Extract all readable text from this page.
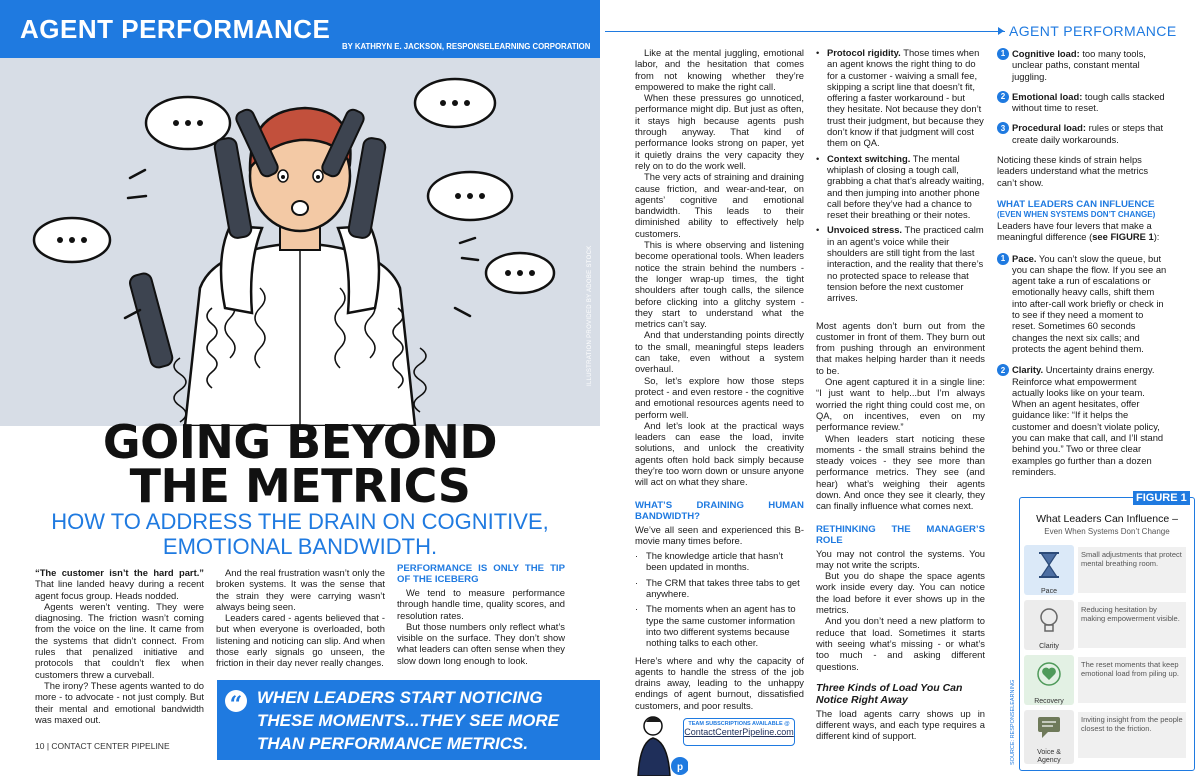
AGENT PERFORMANCE
BY KATHRYN E. JACKSON, RESPONSELEARNING CORPORATION
ILLUSTRATION PROVIDED BY ADOBE STOCK
GOING BEYOND
THE METRICS
HOW TO ADDRESS THE DRAIN ON COGNITIVE,
EMOTIONAL BANDWIDTH.

“The customer isn’t the hard part.” That line landed heavy during a recent agent focus group. Heads nodded.

Agents weren’t venting. They were diagnosing. The friction wasn’t coming from the voice on the line. It came from the systems that didn’t connect. From rules that penalized initiative and protocols that couldn’t flex when customers threw a curveball.

The irony? These agents wanted to do more - to advocate - not just comply. But their mental and emotional bandwidth was maxed out.

And the real frustration wasn’t only the broken systems. It was the sense that the strain they were carrying wasn’t always being seen.

Leaders cared - agents believed that - but when everyone is overloaded, both listening and noticing can slip. And when those early signals go unseen, the friction in their day never really changes.

PERFORMANCE IS ONLY THE TIP OF THE ICEBERG

We tend to measure performance through handle time, quality scores, and resolution rates.

But those numbers only reflect what’s visible on the surface. They don’t show what leaders can often sense when they slow down long enough to look.

“ WHEN LEADERS START NOTICING THESE MOMENTS...THEY SEE MORE THAN PERFORMANCE METRICS.
10 | CONTACT CENTER PIPELINE
AGENT PERFORMANCE

Like at the mental juggling, emotional labor, and the hesitation that comes from not knowing whether they’re empowered to make the right call.

When these pressures go unnoticed, performance might dip. But just as often, it stays high because agents push through anyway. That kind of performance looks strong on paper, yet it quietly drains the very capacity they rely on to do the work well.

The very acts of straining and draining cause friction, and wear-and-tear, on agents’ cognitive and emotional bandwidth. This leads to their diminished ability to effectively help customers.

This is where observing and listening become operational tools. When leaders notice the strain behind the numbers - the longer wrap-up times, the tight shoulders after tough calls, the silence before clicking into a glitchy system - they start to understand what the metrics can’t say.

And that understanding points directly to the small, meaningful steps leaders can take, even without a system overhaul.

So, let’s explore how those steps protect - and even restore - the cognitive and emotional resources agents need to perform well.

And let’s look at the practical ways leaders can ease the load, invite solutions, and unlock the creativity agents often hold back simply because they’re too worn down or unsure anyone will act on what they share.

WHAT’S DRAINING HUMAN BANDWIDTH?

We’ve all seen and experienced this B-movie many times before.

· The knowledge article that hasn’t been updated in months.
· The CRM that takes three tabs to get anywhere.
· The moments when an agent has to type the same customer information into two different systems because nothing talks to each other.

Here’s where and why the capacity of agents to handle the stress of the job drains away, leading to the unhappy endings of agent burnout, dissatisfied customers, and poor results.

p
TEAM SUBSCRIPTIONS AVAILABLE @
ContactCenterPipeline.com
• Protocol rigidity. Those times when an agent knows the right thing to do for a customer - waiving a small fee, skipping a script line that doesn’t fit, offering a faster workaround - but they hesitate. Not because they don’t trust their judgment, but because they don’t know if that judgment will cost them on QA.
• Context switching. The mental whiplash of closing a tough call, grabbing a chat that’s already waiting, and then jumping into another phone call before they’ve had a chance to reset their breathing or their notes.
• Unvoiced stress. The practiced calm in an agent’s voice while their shoulders are still tight from the last interaction, and the reality that there’s no protected space to release that tension before the next customer arrives.

Most agents don’t burn out from the customer in front of them. They burn out from pushing through an environment that makes helping harder than it needs to be.

One agent captured it in a single line: “I just want to help...but I’m always worried the right thing could cost me, on QA, on incentives, even on my performance review.”

When leaders start noticing these moments - the small strains behind the steady voices - they see more than performance metrics. They see (and hear) what’s weighing their agents down. And once they see it clearly, they can finally influence what comes next.

RETHINKING THE MANAGER’S ROLE

You may not control the systems. You may not write the scripts.

But you do shape the space agents work inside every day. You can notice the load before it ever shows up in the metrics.

And you don’t need a new platform to reduce that load. Sometimes it starts with seeing what’s missing - or what’s too much - and asking different questions.

Three Kinds of Load You Can Notice Right Away

The load agents carry shows up in different ways, and each type requires a different kind of support.

1 Cognitive load: too many tools, unclear paths, constant mental juggling.
2 Emotional load: tough calls stacked without time to reset.
3 Procedural load: rules or steps that create daily workarounds.

Noticing these kinds of strain helps leaders understand what the metrics can’t show.

WHAT LEADERS CAN INFLUENCE
(EVEN WHEN SYSTEMS DON’T CHANGE)

Leaders have four levers that make a meaningful difference (see FIGURE 1):

1 Pace. You can’t slow the queue, but you can shape the flow. If you see an agent take a run of escalations or emotionally heavy calls, shift them into after-call work briefly or check in to see if they need a moment to reset. Sometimes 60 seconds changes the next six calls; and protects the agent behind them.
2 Clarity. Uncertainty drains energy. Reinforce what empowerment actually looks like on your team. When an agent hesitates, offer guidance like: “If it helps the customer and doesn’t violate policy, you can make that call, and I’ll stand behind you.” Two or three clear examples go further than a dozen reminders.
FIGURE 1
SOURCE: RESPONSELEARNING
What Leaders Can Influence –
Even When Systems Don’t Change
Pace
Small adjustments that protect mental breathing room.
Clarity
Reducing hesitation by making empowerment visible.
Recovery
The reset moments that keep emotional load from piling up.
Voice & Agency
Inviting insight from the people closest to the friction.
